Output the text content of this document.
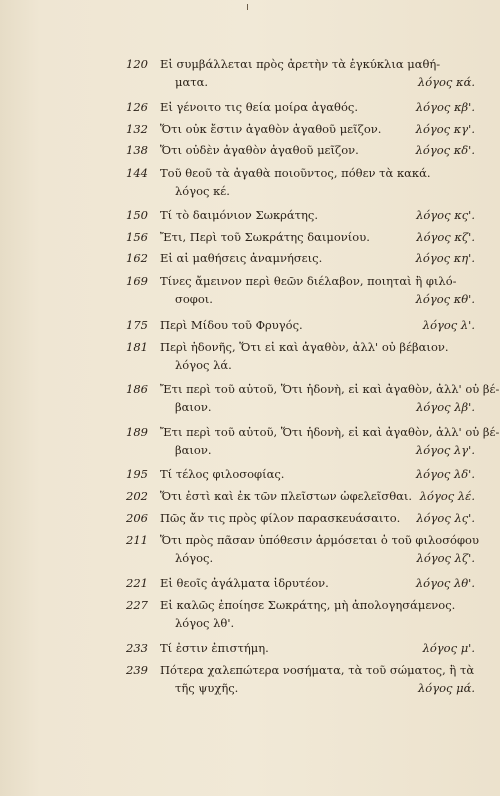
120 Εἰ συμβάλλεται πρὸς ἀρετὴν τὰ ἐγκύκλια μαθή-
ματα.	λόγος κά.
126 Εἰ γένοιτο τις θεία μοίρα ἀγαθός.	λόγος κβ'.
132 Ὅτι οὐκ ἔστιν ἀγαθὸν ἀγαθοῦ μεῖζον.	λόγος κγ'.
138 Ὅτι οὐδὲν ἀγαθὸν ἀγαθοῦ μεῖζον.	λόγος κδ'.
144 Τοῦ θεοῦ τὰ ἀγαθὰ ποιοῦντος, πόθεν τὰ κακά.
λόγος κέ.
150 Τί τὸ δαιμόνιον Σωκράτης.	λόγος κς'.
156 Ἔτι, Περὶ τοῦ Σωκράτης δαιμονίου.	λόγος κζ'.
162 Εἰ αἱ μαθήσεις ἀναμνήσεις.	λόγος κη'.
169 Τίνες ἄμεινον περὶ θεῶν διέλαβον, ποιηταὶ ἢ φιλό-
σοφοι.	λόγος κθ'.
175 Περὶ Μίδου τοῦ Φρυγός.	λόγος λ'.
181 Περὶ ἡδονῆς, Ὅτι εἰ καὶ ἀγαθὸν, ἀλλ' οὐ βέβαιον.
λόγος λά.
186 Ἔτι περὶ τοῦ αὐτοῦ, Ὅτι ἡδονὴ, εἰ καὶ ἀγαθὸν, ἀλλ' οὐ βέ-
βαιον.	λόγος λβ'.
189 Ἔτι περὶ τοῦ αὐτοῦ, Ὅτι ἡδονὴ, εἰ καὶ ἀγαθὸν, ἀλλ' οὐ βέ-
βαιον.	λόγος λγ'.
195 Τί τέλος φιλοσοφίας.	λόγος λδ'.
202 Ὅτι ἐστὶ καὶ ἐκ τῶν πλεῖστων ὠφελεῖσθαι. λόγος λέ.
206 Πῶς ἄν τις πρὸς φίλον παρασκευάσαιτο.	λόγος λς'.
211 Ὅτι πρὸς πᾶσαν ὑπόθεσιν ἁρμόσεται ὁ τοῦ φιλοσόφου
λόγος.	λόγος λζ'.
221 Εἰ θεοῖς ἀγάλματα ἱδρυτέον.	λόγος λθ'.
227 Εἰ καλῶς ἐποίησε Σωκράτης, μὴ ἀπολογησάμενος.
λόγος λθ'.
233 Τί ἐστιν ἐπιστήμη.	λόγος μ'.
239 Πότερα χαλεπώτερα νοσήματα, τὰ τοῦ σώματος, ἢ τὰ
τῆς ψυχῆς.	λόγος μά.
